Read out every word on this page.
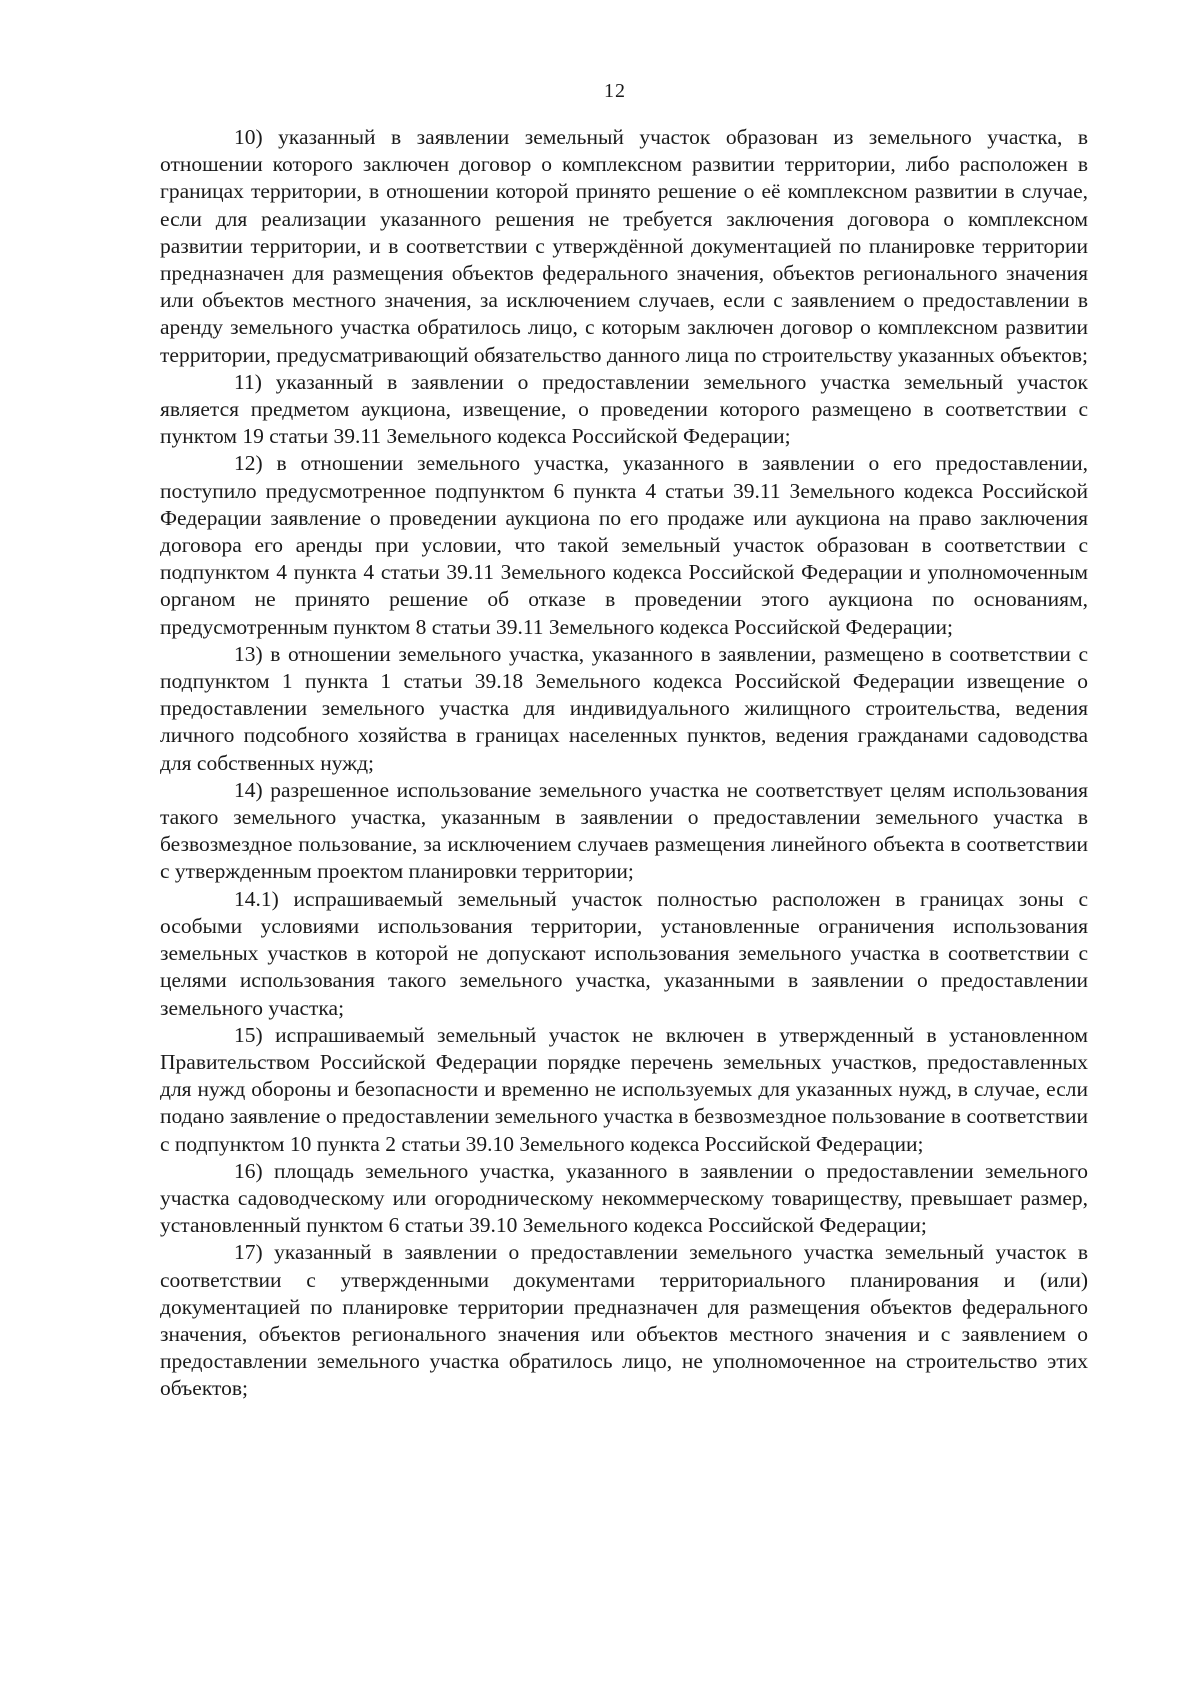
12

10) указанный в заявлении земельный участок образован из земельного участка, в отношении которого заключен договор о комплексном развитии территории, либо расположен в границах территории, в отношении которой принято решение о её комплексном развитии в случае, если для реализации указанного решения не требуется заключения договора о комплексном развитии территории, и в соответствии с утверждённой документацией по планировке территории предназначен для размещения объектов федерального значения, объектов регионального значения или объектов местного значения, за исключением случаев, если с заявлением о предоставлении в аренду земельного участка обратилось лицо, с которым заключен договор о комплексном развитии территории, предусматривающий обязательство данного лица по строительству указанных объектов;

11) указанный в заявлении о предоставлении земельного участка земельный участок является предметом аукциона, извещение, о проведении которого размещено в соответствии с пунктом 19 статьи 39.11 Земельного кодекса Российской Федерации;

12) в отношении земельного участка, указанного в заявлении о его предоставлении, поступило предусмотренное подпунктом 6 пункта 4 статьи 39.11 Земельного кодекса Российской Федерации заявление о проведении аукциона по его продаже или аукциона на право заключения договора его аренды при условии, что такой земельный участок образован в соответствии с подпунктом 4 пункта 4 статьи 39.11 Земельного кодекса Российской Федерации и уполномоченным органом не принято решение об отказе в проведении этого аукциона по основаниям, предусмотренным пунктом 8 статьи 39.11 Земельного кодекса Российской Федерации;

13) в отношении земельного участка, указанного в заявлении, размещено в соответствии с подпунктом 1 пункта 1 статьи 39.18 Земельного кодекса Российской Федерации извещение о предоставлении земельного участка для индивидуального жилищного строительства, ведения личного подсобного хозяйства в границах населенных пунктов, ведения гражданами садоводства для собственных нужд;

14) разрешенное использование земельного участка не соответствует целям использования такого земельного участка, указанным в заявлении о предоставлении земельного участка в безвозмездное пользование, за исключением случаев размещения линейного объекта в соответствии с утвержденным проектом планировки территории;

14.1) испрашиваемый земельный участок полностью расположен в границах зоны с особыми условиями использования территории, установленные ограничения использования земельных участков в которой не допускают использования земельного участка в соответствии с целями использования такого земельного участка, указанными в заявлении о предоставлении земельного участка;

15) испрашиваемый земельный участок не включен в утвержденный в установленном Правительством Российской Федерации порядке перечень земельных участков, предоставленных для нужд обороны и безопасности и временно не используемых для указанных нужд, в случае, если подано заявление о предоставлении земельного участка в безвозмездное пользование в соответствии с подпунктом 10 пункта 2 статьи 39.10 Земельного кодекса Российской Федерации;

16) площадь земельного участка, указанного в заявлении о предоставлении земельного участка садоводческому или огородническому некоммерческому товариществу, превышает размер, установленный пунктом 6 статьи 39.10 Земельного кодекса Российской Федерации;

17) указанный в заявлении о предоставлении земельного участка земельный участок в соответствии с утвержденными документами территориального планирования и (или) документацией по планировке территории предназначен для размещения объектов федерального значения, объектов регионального значения или объектов местного значения и с заявлением о предоставлении земельного участка обратилось лицо, не уполномоченное на строительство этих объектов;
